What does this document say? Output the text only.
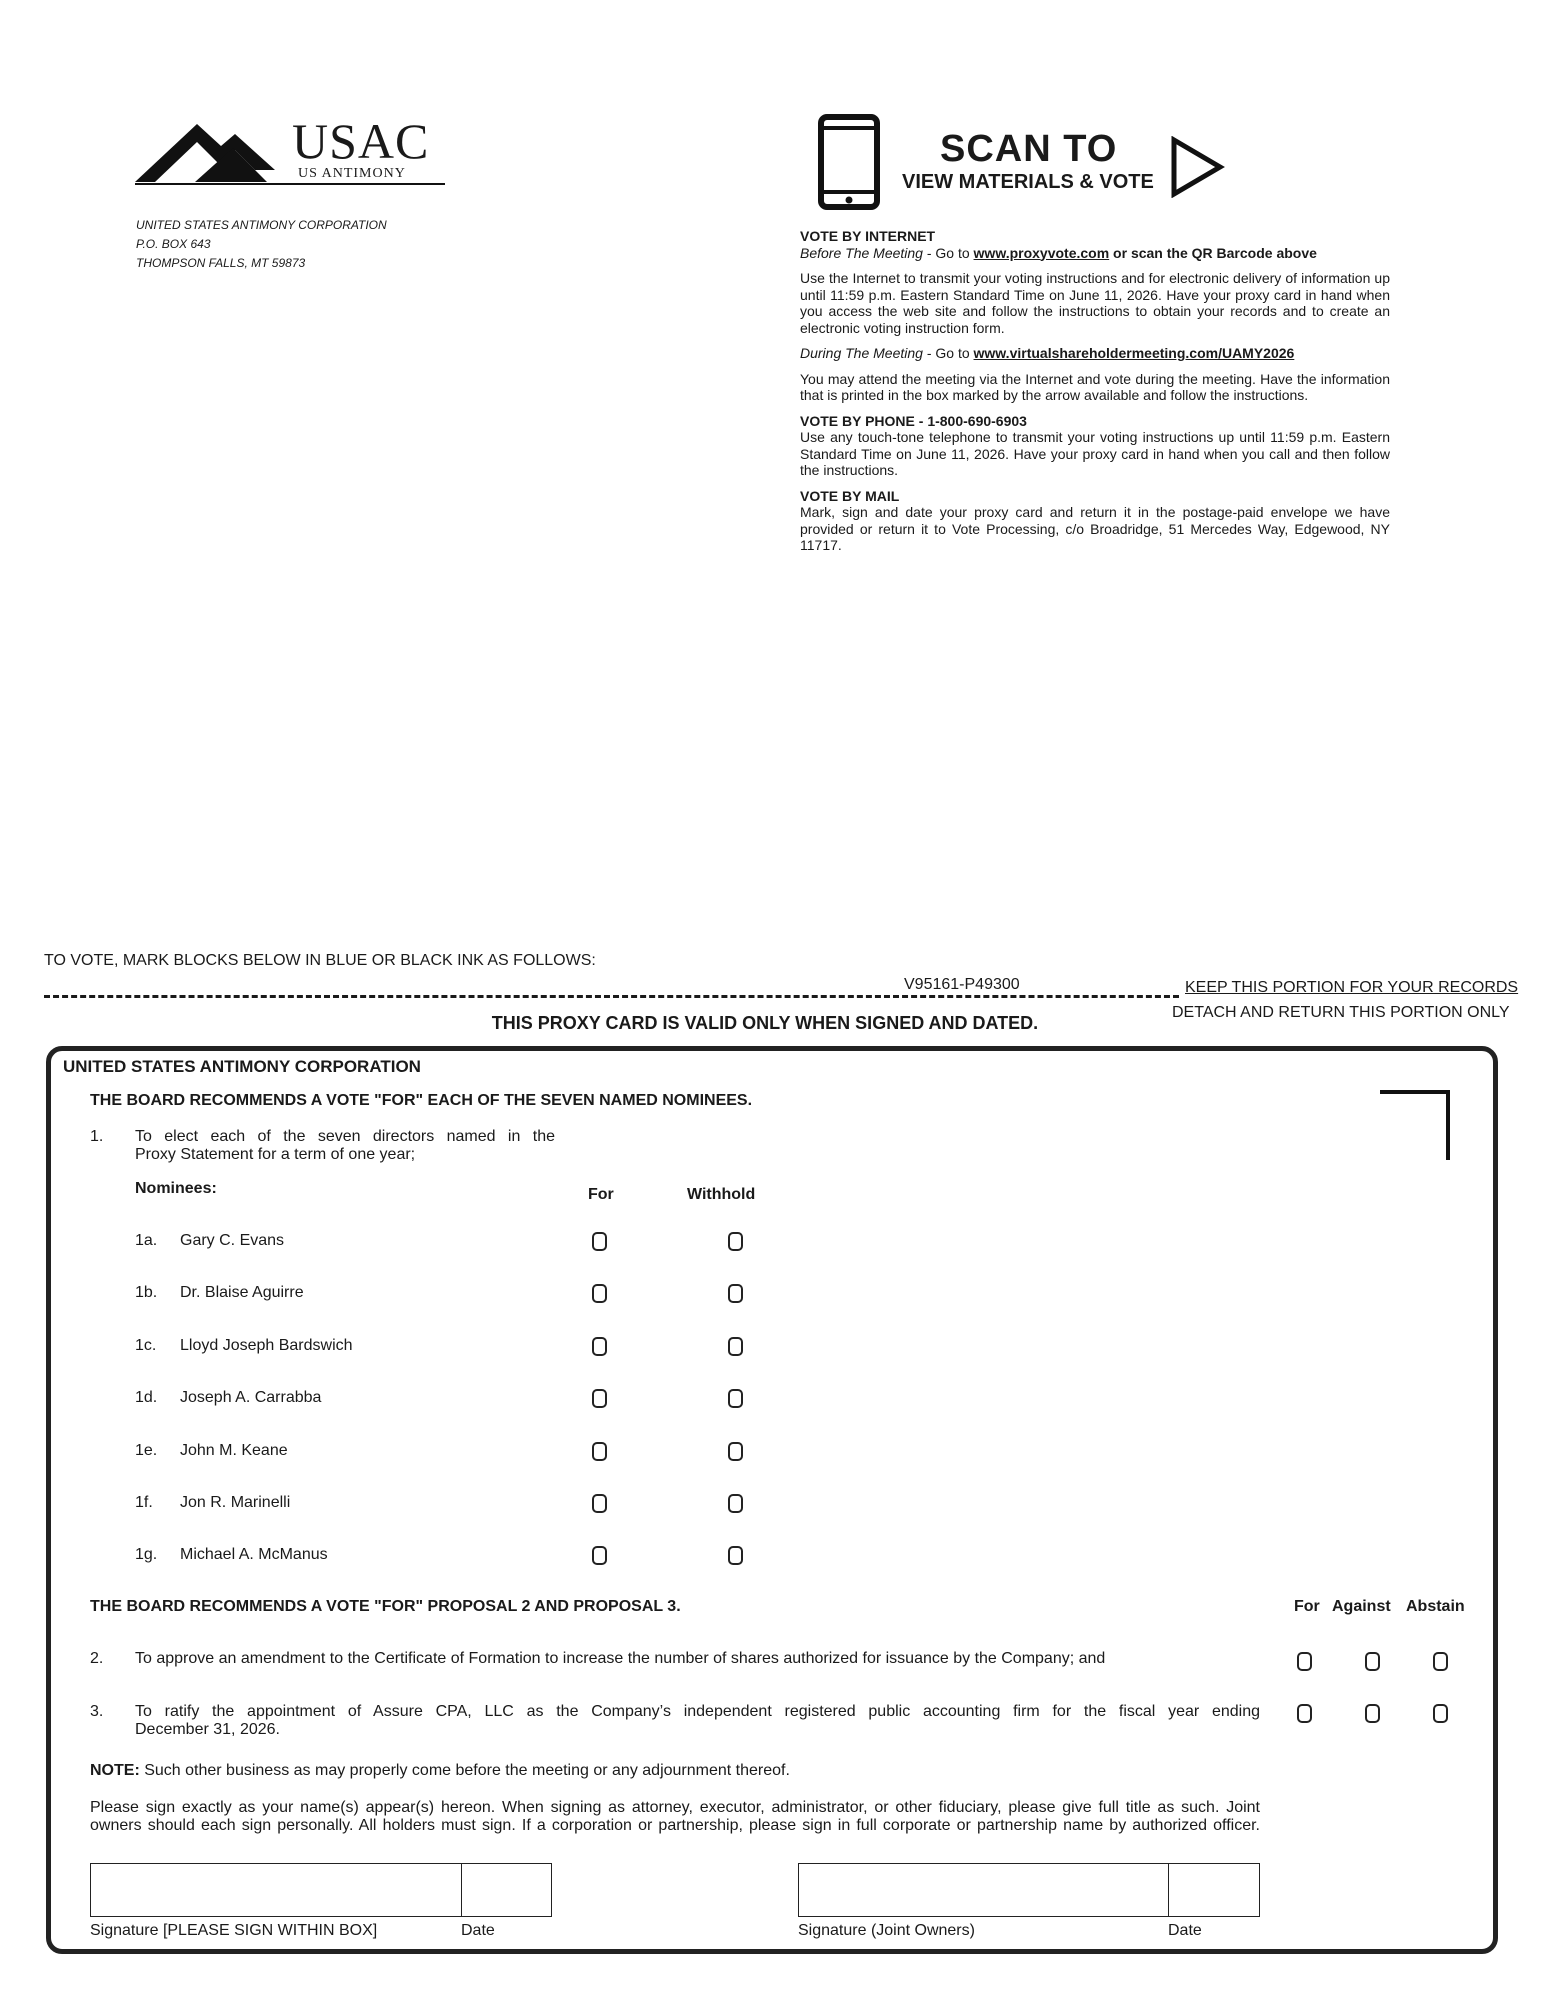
USAC
US ANTIMONY
UNITED STATES ANTIMONY CORPORATION
P.O. BOX 643
THOMPSON FALLS, MT 59873
SCAN TO
VIEW MATERIALS & VOTE

VOTE BY INTERNET

Before The Meeting - Go to www.proxyvote.com or scan the QR Barcode above

Use the Internet to transmit your voting instructions and for electronic delivery of information up until 11:59 p.m. Eastern Standard Time on June 11, 2026. Have your proxy card in hand when you access the web site and follow the instructions to obtain your records and to create an electronic voting instruction form.

During The Meeting - Go to www.virtualshareholdermeeting.com/UAMY2026

You may attend the meeting via the Internet and vote during the meeting. Have the information that is printed in the box marked by the arrow available and follow the instructions.

VOTE BY PHONE - 1-800-690-6903

Use any touch-tone telephone to transmit your voting instructions up until 11:59 p.m. Eastern Standard Time on June 11, 2026. Have your proxy card in hand when you call and then follow the instructions.

VOTE BY MAIL

Mark, sign and date your proxy card and return it in the postage-paid envelope we have provided or return it to Vote Processing, c/o Broadridge, 51 Mercedes Way, Edgewood, NY 11717.

TO VOTE, MARK BLOCKS BELOW IN BLUE OR BLACK INK AS FOLLOWS:
V95161-P49300	KEEP THIS PORTION FOR YOUR RECORDS
DETACH AND RETURN THIS PORTION ONLY
THIS PROXY CARD IS VALID ONLY WHEN SIGNED AND DATED.
UNITED STATES ANTIMONY CORPORATION
THE BOARD RECOMMENDS A VOTE "FOR" EACH OF THE SEVEN NAMED NOMINEES.
1. To elect each of the seven directors named in the
Proxy Statement for a term of one year;
Nominees:	For	Withhold
1a. Gary C. Evans
1b. Dr. Blaise Aguirre
1c. Lloyd Joseph Bardswich
1d. Joseph A. Carrabba
1e. John M. Keane
1f. Jon R. Marinelli
1g. Michael A. McManus
THE BOARD RECOMMENDS A VOTE "FOR" PROPOSAL 2 AND PROPOSAL 3.	For Against Abstain
2. To approve an amendment to the Certificate of Formation to increase the number of shares authorized for issuance by the Company; and
3. To ratify the appointment of Assure CPA, LLC as the Company’s independent registered public accounting firm for the fiscal year ending
December 31, 2026.
NOTE: Such other business as may properly come before the meeting or any adjournment thereof.
Please sign exactly as your name(s) appear(s) hereon. When signing as attorney, executor, administrator, or other fiduciary, please give full title as such. Joint
owners should each sign personally. All holders must sign. If a corporation or partnership, please sign in full corporate or partnership name by authorized officer.
Signature [PLEASE SIGN WITHIN BOX]	Date	Signature (Joint Owners)	Date
